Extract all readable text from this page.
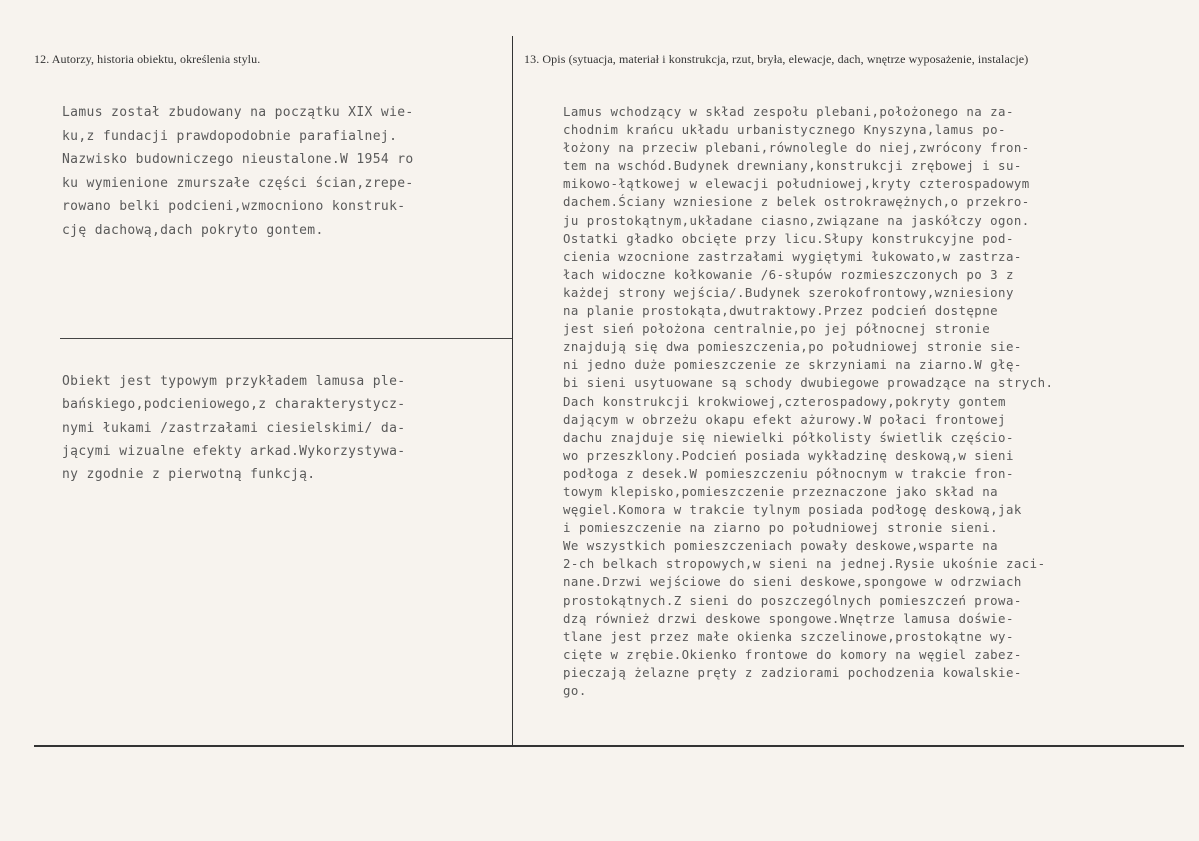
12. Autorzy, historia obiektu, określenia stylu.	13. Opis (sytuacja, materiał i konstrukcja, rzut, bryła, elewacje, dach, wnętrze wyposażenie, instalacje)
Lamus został zbudowany na początku XIX wie-
ku,z fundacji prawdopodobnie parafialnej.
Nazwisko budowniczego nieustalone.W 1954 ro
ku wymienione zmurszałe części ścian,zrepe-
rowano belki podcieni,wzmocniono konstruk-
cję dachową,dach pokryto gontem.
Obiekt jest typowym przykładem lamusa ple-
bańskiego,podcieniowego,z charakterystycz-
nymi łukami /zastrzałami ciesielskimi/ da-
jącymi wizualne efekty arkad.Wykorzystywa-
ny zgodnie z pierwotną funkcją.
Lamus wchodzący w skład zespołu plebani,położonego na za-
chodnim krańcu układu urbanistycznego Knyszyna,lamus po-
łożony na przeciw plebani,równolegle do niej,zwrócony fron-
tem na wschód.Budynek drewniany,konstrukcji zrębowej i su-
mikowo-łątkowej w elewacji południowej,kryty czterospadowym
dachem.Ściany wzniesione z belek ostrokrawężnych,o przekro-
ju prostokątnym,układane ciasno,związane na jaskółczy ogon.
Ostatki gładko obcięte przy licu.Słupy konstrukcyjne pod-
cienia wzocnione zastrzałami wygiętymi łukowato,w zastrza-
łach widoczne kołkowanie /6-słupów rozmieszczonych po 3 z
każdej strony wejścia/.Budynek szerokofrontowy,wzniesiony
na planie prostokąta,dwutraktowy.Przez podcień dostępne
jest sień położona centralnie,po jej północnej stronie
znajdują się dwa pomieszczenia,po południowej stronie sie-
ni jedno duże pomieszczenie ze skrzyniami na ziarno.W głę-
bi sieni usytuowane są schody dwubiegowe prowadzące na strych.
Dach konstrukcji krokwiowej,czterospadowy,pokryty gontem
dającym w obrzeżu okapu efekt ażurowy.W połaci frontowej
dachu znajduje się niewielki półkolisty świetlik częścio-
wo przeszklony.Podcień posiada wykładzinę deskową,w sieni
podłoga z desek.W pomieszczeniu północnym w trakcie fron-
towym klepisko,pomieszczenie przeznaczone jako skład na
węgiel.Komora w trakcie tylnym posiada podłogę deskową,jak
i pomieszczenie na ziarno po południowej stronie sieni.
We wszystkich pomieszczeniach powały deskowe,wsparte na
2-ch belkach stropowych,w sieni na jednej.Rysie ukośnie zaci-
nane.Drzwi wejściowe do sieni deskowe,spongowe w odrzwiach
prostokątnych.Z sieni do poszczególnych pomieszczeń prowa-
dzą również drzwi deskowe spongowe.Wnętrze lamusa doświe-
tlane jest przez małe okienka szczelinowe,prostokątne wy-
cięte w zrębie.Okienko frontowe do komory na węgiel zabez-
pieczają żelazne pręty z zadziorami pochodzenia kowalskie-
go.
